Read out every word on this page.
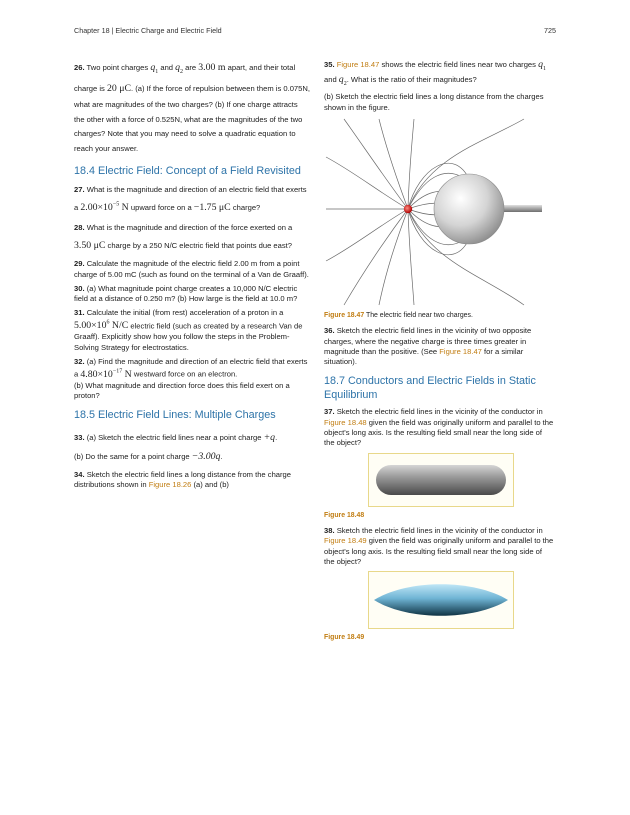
Chapter 18 | Electric Charge and Electric Field	725

26. Two point charges $q_1$ and $q_2$ are 3.00 m apart, and their total charge is 20 μC. (a) If the force of repulsion between them is 0.075N, what are magnitudes of the two charges? (b) If one charge attracts the other with a force of 0.525N, what are the magnitudes of the two charges? Note that you may need to solve a quadratic equation to reach your answer.

18.4 Electric Field: Concept of a Field Revisited

27. What is the magnitude and direction of an electric field that exerts a $2.00\times 10^{-5}$ N upward force on a −1.75 μC charge?

28. What is the magnitude and direction of the force exerted on a 3.50 μC charge by a 250 N/C electric field that points due east?

29. Calculate the magnitude of the electric field 2.00 m from a point charge of 5.00 mC (such as found on the terminal of a Van de Graaff).

30. (a) What magnitude point charge creates a 10,000 N/C electric field at a distance of 0.250 m? (b) How large is the field at 10.0 m?

31. Calculate the initial (from rest) acceleration of a proton in a $5.00\times 10^6$ N/C electric field (such as created by a research Van de Graaff). Explicitly show how you follow the steps in the Problem-Solving Strategy for electrostatics.

32. (a) Find the magnitude and direction of an electric field that exerts a $4.80\times 10^{-17}$ N westward force on an electron.
(b) What magnitude and direction force does this field exert on a proton?

18.5 Electric Field Lines: Multiple Charges

33. (a) Sketch the electric field lines near a point charge +q.
(b) Do the same for a point charge −3.00q.

34. Sketch the electric field lines a long distance from the charge distributions shown in Figure 18.26 (a) and (b)

35. Figure 18.47 shows the electric field lines near two charges $q_1$ and $q_2$. What is the ratio of their magnitudes?

(b) Sketch the electric field lines a long distance from the charges shown in the figure.

Figure 18.47 The electric field near two charges.

36. Sketch the electric field lines in the vicinity of two opposite charges, where the negative charge is three times greater in magnitude than the positive. (See Figure 18.47 for a similar situation).

18.7 Conductors and Electric Fields in Static Equilibrium

37. Sketch the electric field lines in the vicinity of the conductor in Figure 18.48 given the field was originally uniform and parallel to the object's long axis. Is the resulting field small near the long side of the object?

Figure 18.48

38. Sketch the electric field lines in the vicinity of the conductor in Figure 18.49 given the field was originally uniform and parallel to the object's long axis. Is the resulting field small near the long side of the object?

Figure 18.49
